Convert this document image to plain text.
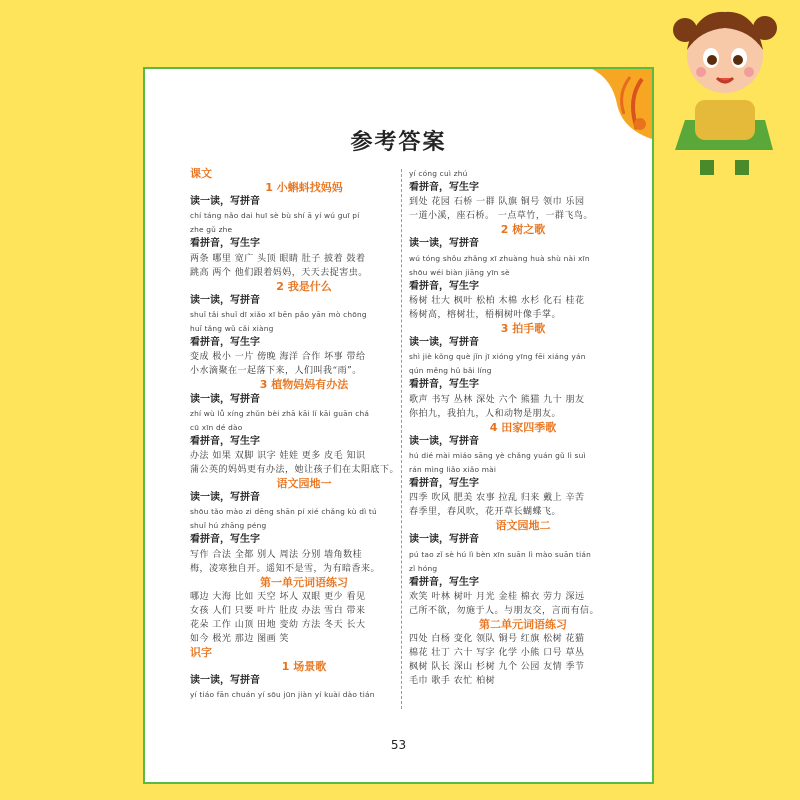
参考答案
课文
1 小蝌蚪找妈妈
读一读，写拼音
chí táng nǎo dai huī sè bù shí ā yí wú guī pí
zhe gǔ zhe
看拼音，写生字
两条 哪里 宽广 头顶 眼睛 肚子 披着 鼓着
跳高 两个 他们跟着妈妈，天天去捉害虫。
2 我是什么
读一读，写拼音
shuǐ tǎi shuǐ dī xiǎo xī bēn pǎo yān mò chōng
huǐ tǎng wǔ cǎi xiàng
看拼音，写生字
变成 极小 一片 傍晚 海洋 合作 坏事 带给
小水滴聚在一起落下来，人们叫我“雨”。
3 植物妈妈有办法
读一读，写拼音
zhí wù lǚ xíng zhǔn bèi zhā kāi lí kāi guān chá
cū xīn dé dào
看拼音，写生字
办法 如果 双脚 识字 娃娃 更多 皮毛 知识
蒲公英的妈妈更有办法，她让孩子们在太阳底下。
语文园地一
读一读，写拼音
shōu tǎo mào zi dēng shān pí xié chǎng kù dì tú
shuǐ hú zhāng péng
看拼音，写生字
写作 合法 全都 别人 周法 分别 墙角数桂
梅，凌寒独自开。遥知不是雪，为有暗香来。
第一单元词语练习
哪边 大海 比如 天空 坏人 双眼 更少 看见
女孩 人们 只要 叶片 肚皮 办法 雪白 带来
花朵 工作 山顶 田地 变幼 方法 冬天 长大
如今 极光 那边 图画 笑
识字
1 场景歌
读一读，写拼音
yí tiáo fān chuán yí sōu jūn jiàn yí kuài dào tián
yí cóng cuì zhú
看拼音，写生字
到处 花园 石桥 一群 队旗 铜号 领巾 乐园
一道小溪，座石桥。 一点草竹，一群飞鸟。
2 树之歌
读一读，写拼音
wú tóng shǒu zhǎng xī zhuàng huà shù nài xīn
shōu wéi biàn jiāng yīn sè
看拼音，写生字
杨树 壮大 枫叶 松柏 木棉 水杉 化石 桂花
杨树高，榕树壮，梧桐树叶像手掌。
3 拍手歌
读一读，写拼音
shì jiè kǒng què jǐn jī xióng yīng fēi xiáng yán
qún měng hǔ bǎi líng
看拼音，写生字
歌声 书写 丛林 深处 六个 熊猫 九十 朋友
你拍九，我拍九，人和动物是朋友。
4 田家四季歌
读一读，写拼音
hú dié mài miáo sāng yè chǎng yuán gǔ lì suì
rán mìng liǎo xiǎo mài
看拼音，写生字
四季 吹风 肥美 农事 拉乱 归来 戴上 辛苦
春季里，春风吹，花开草长蝴蝶飞。
语文园地二
读一读，写拼音
pú tao zǐ sè hú lì bèn xīn suān lì mào suān tián
zǐ hóng
看拼音，写生字
欢笑 叶林 树叶 月光 金桂 棉衣 劳力 深远
己所不欲，勿施于人。与朋友交，言而有信。
第二单元词语练习
四处 白杨 变化 领队 铜号 红旗 松树 花猫
棉花 壮丁 六十 写字 化学 小熊 口号 草丛
枫树 队长 深山 杉树 九个 公园 友情 季节
毛巾 歌手 农忙 柏树
53
